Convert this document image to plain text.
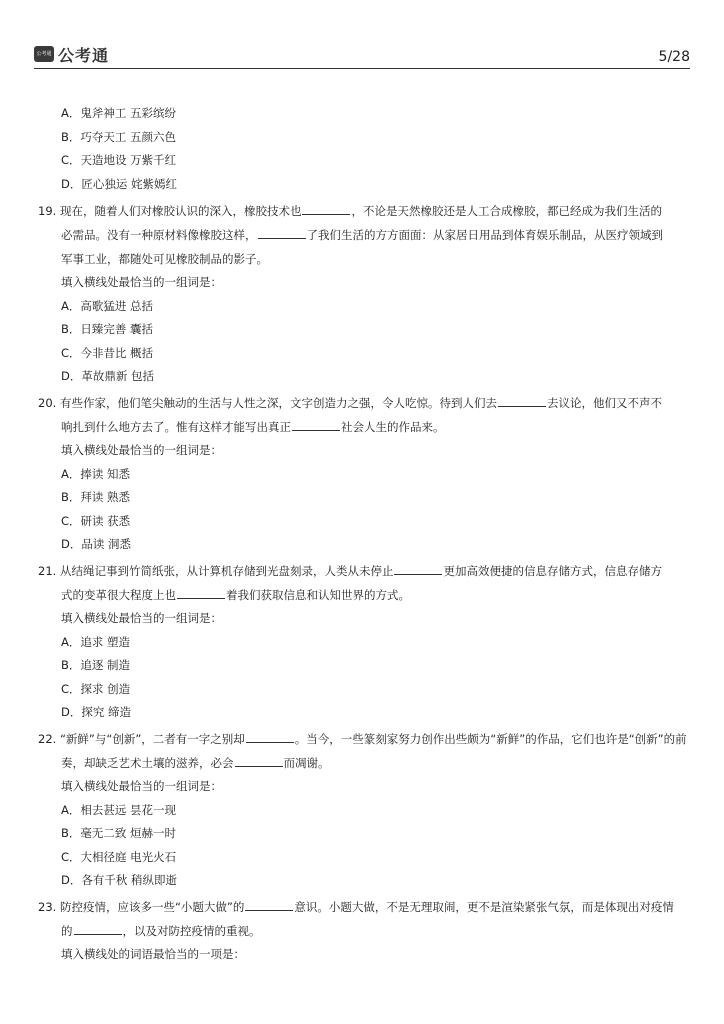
公考通 公考通	5/28
A．鬼斧神工 五彩缤纷
B．巧夺天工 五颜六色
C．天造地设 万紫千红
D．匠心独运 姹紫嫣红
19. 现在，随着人们对橡胶认识的深入，橡胶技术也	，不论是天然橡胶还是人工合成橡胶，都已经成为我们生活的
必需品。没有一种原材料像橡胶这样，	了我们生活的方方面面：从家居日用品到体育娱乐制品，从医疗领域到
军事工业，都随处可见橡胶制品的影子。
填入横线处最恰当的一组词是：
A．高歌猛进 总括
B．日臻完善 囊括
C．今非昔比 概括
D．革故鼎新 包括
20. 有些作家，他们笔尖触动的生活与人性之深，文字创造力之强，令人吃惊。待到人们去	去议论，他们又不声不
响扎到什么地方去了。惟有这样才能写出真正	社会人生的作品来。
填入横线处最恰当的一组词是：
A．捧读 知悉
B．拜读 熟悉
C．研读 获悉
D．品读 洞悉
21. 从结绳记事到竹简纸张，从计算机存储到光盘刻录，人类从未停止	更加高效便捷的信息存储方式，信息存储方
式的变革很大程度上也	着我们获取信息和认知世界的方式。
填入横线处最恰当的一组词是：
A．追求 塑造
B．追逐 制造
C．探求 创造
D．探究 缔造
22. “新鲜”与“创新”，二者有一字之别却	。当今，一些篆刻家努力创作出些颇为“新鲜”的作品，它们也许是“创新”的前
奏，却缺乏艺术土壤的滋养，必会	而凋谢。
填入横线处最恰当的一组词是：
A．相去甚远 昙花一现
B．毫无二致 烜赫一时
C．大相径庭 电光火石
D．各有千秋 稍纵即逝
23. 防控疫情，应该多一些“小题大做”的	意识。小题大做，不是无理取闹，更不是渲染紧张气氛，而是体现出对疫情
的	，以及对防控疫情的重视。
填入横线处的词语最恰当的一项是：
